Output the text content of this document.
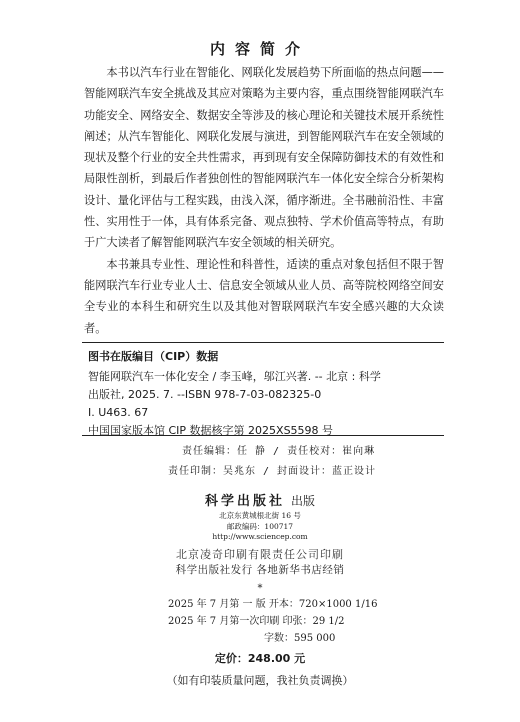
内容简介

本书以汽车行业在智能化、网联化发展趋势下所面临的热点问题——智能网联汽车安全挑战及其应对策略为主要内容，重点围绕智能网联汽车功能安全、网络安全、数据安全等涉及的核心理论和关键技术展开系统性阐述；从汽车智能化、网联化发展与演进，到智能网联汽车在安全领域的现状及整个行业的安全共性需求，再到现有安全保障防御技术的有效性和局限性剖析，到最后作者独创性的智能网联汽车一体化安全综合分析架构设计、量化评估与工程实践，由浅入深，循序渐进。全书融前沿性、丰富性、实用性于一体，具有体系完备、观点独特、学术价值高等特点，有助于广大读者了解智能网联汽车安全领域的相关研究。

本书兼具专业性、理论性和科普性，适读的重点对象包括但不限于智能网联汽车行业专业人士、信息安全领域从业人员、高等院校网络空间安全专业的本科生和研究生以及其他对智联网联汽车安全感兴趣的大众读者。

图书在版编目（CIP）数据
智能网联汽车一体化安全 / 李玉峰，邬江兴著. -- 北京 : 科学
出版社, 2025. 7. --ISBN 978-7-03-082325-0
Ⅰ. U463. 67
中国国家版本馆 CIP 数据核字第 2025XS5598 号
责任编辑：任 静 / 责任校对：崔向琳
责任印制：吴兆东 / 封面设计：蓝正设计
科学出版社 出版
北京东黄城根北街 16 号
邮政编码：100717
http://www.sciencep.com
北京凌奇印刷有限责任公司印刷
科学出版社发行 各地新华书店经销
*
2025 年 7 月第 一 版 开本：720×1000 1/16
2025 年 7 月第一次印刷 印张：29 1/2
字数：595 000
定价：248.00 元
（如有印装质量问题，我社负责调换）
